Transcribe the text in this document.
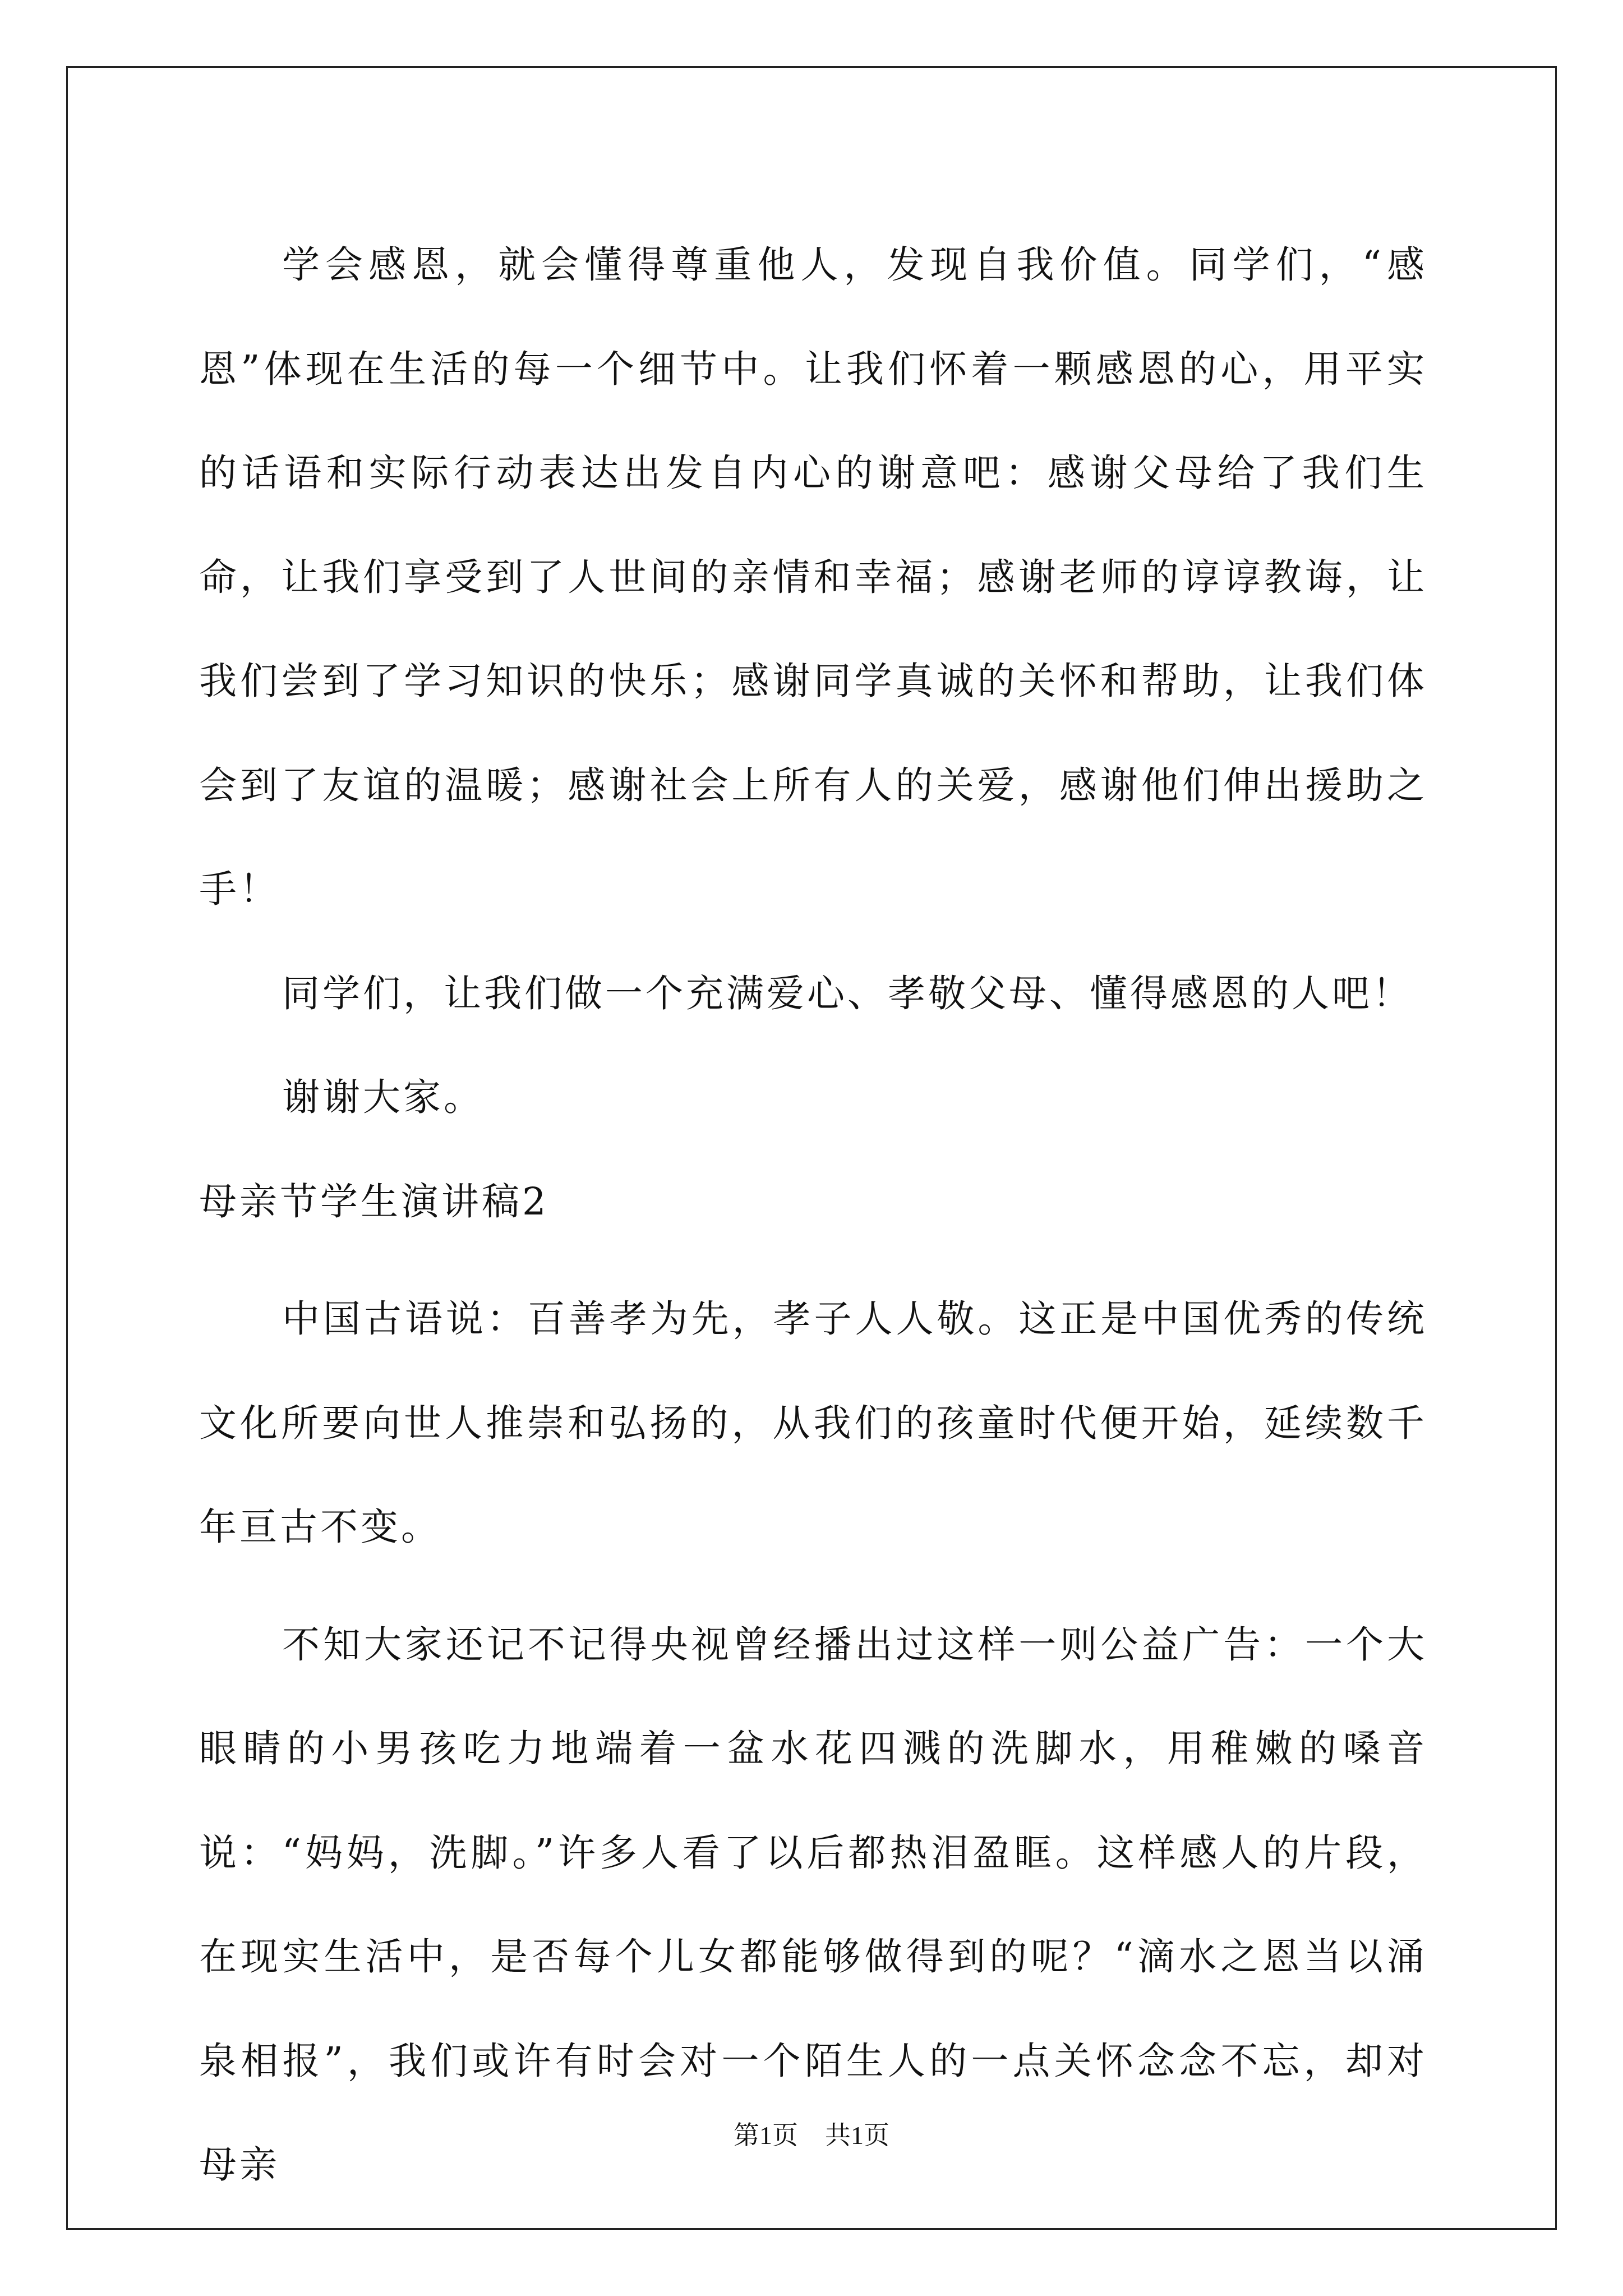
学会感恩，就会懂得尊重他人，发现自我价值。同学们，“感恩”体现在生活的每一个细节中。让我们怀着一颗感恩的心，用平实的话语和实际行动表达出发自内心的谢意吧：感谢父母给了我们生命，让我们享受到了人世间的亲情和幸福；感谢老师的谆谆教诲，让我们尝到了学习知识的快乐；感谢同学真诚的关怀和帮助，让我们体会到了友谊的温暖；感谢社会上所有人的关爱，感谢他们伸出援助之手！

同学们，让我们做一个充满爱心、孝敬父母、懂得感恩的人吧！

谢谢大家。

母亲节学生演讲稿2

中国古语说：百善孝为先，孝子人人敬。这正是中国优秀的传统文化所要向世人推崇和弘扬的，从我们的孩童时代便开始，延续数千年亘古不变。

不知大家还记不记得央视曾经播出过这样一则公益广告：一个大眼睛的小男孩吃力地端着一盆水花四溅的洗脚水，用稚嫩的嗓音说：“妈妈，洗脚。”许多人看了以后都热泪盈眶。这样感人的片段，在现实生活中，是否每个儿女都能够做得到的呢？“滴水之恩当以涌泉相报”，我们或许有时会对一个陌生人的一点关怀念念不忘，却对母亲

第1页 共1页
